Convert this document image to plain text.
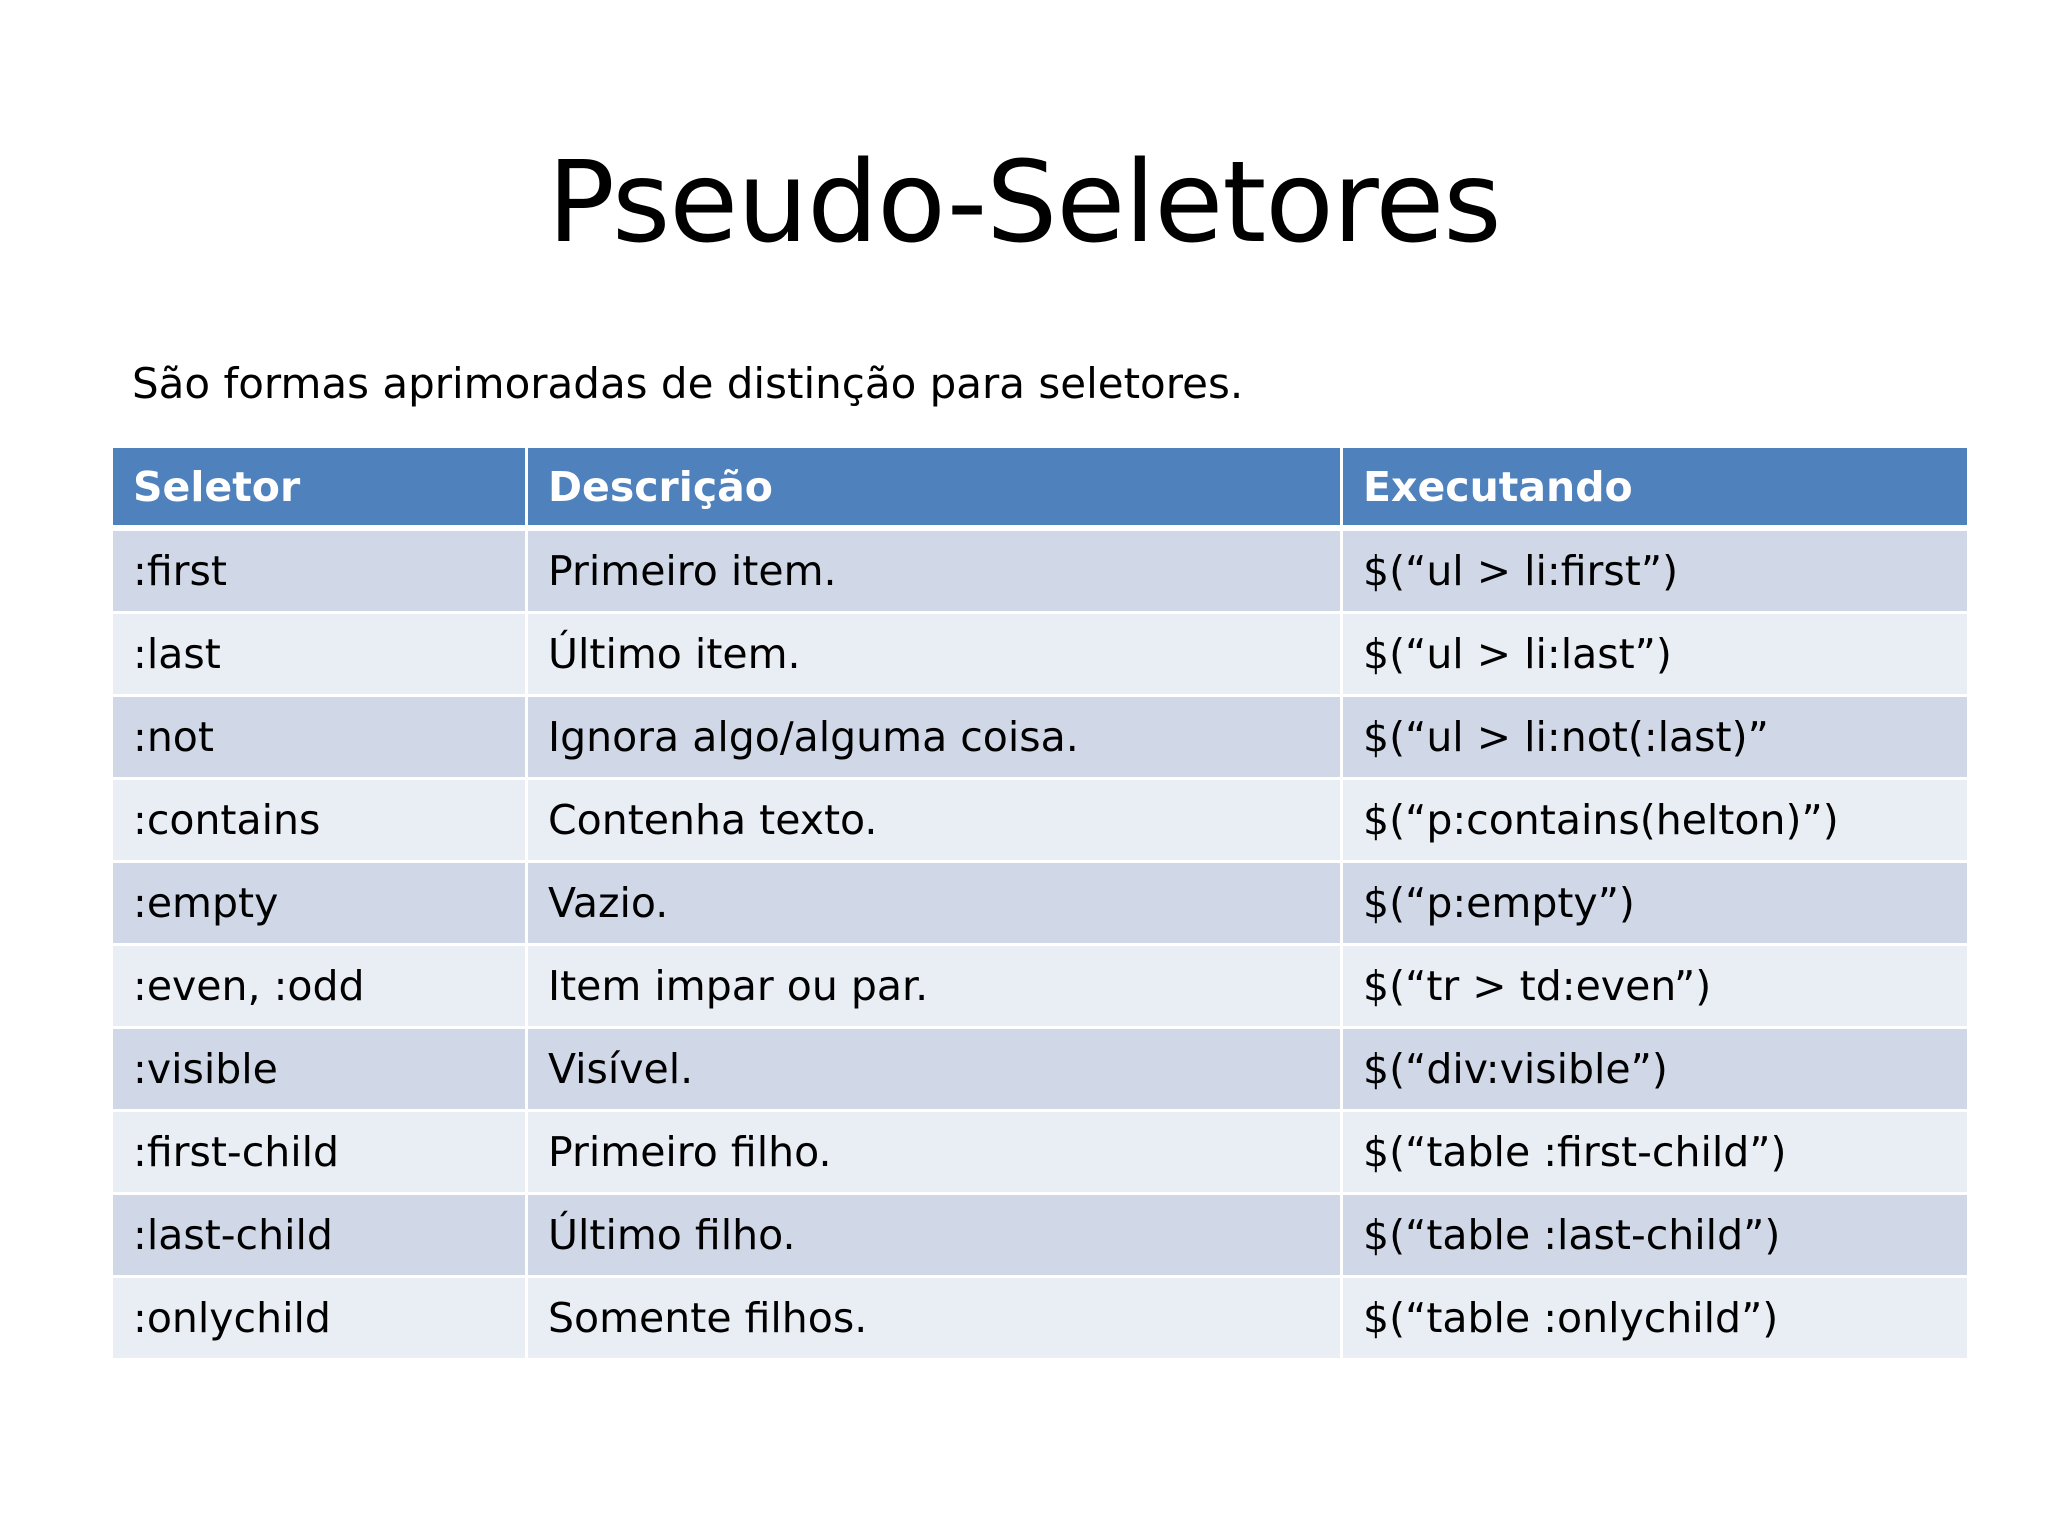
Pseudo-Seletores
São formas aprimoradas de distinção para seletores.
Seletor	Descrição	Executando
:first	Primeiro item.	$(“ul > li:first”)
:last	Último item.	$(“ul > li:last”)
:not	Ignora algo/alguma coisa.	$(“ul > li:not(:last)”
:contains	Contenha texto.	$(“p:contains(helton)”)
:empty	Vazio.	$(“p:empty”)
:even, :odd	Item impar ou par.	$(“tr > td:even”)
:visible	Visível.	$(“div:visible”)
:first-child	Primeiro filho.	$(“table :first-child”)
:last-child	Último filho.	$(“table :last-child”)
:onlychild	Somente filhos.	$(“table :onlychild”)
